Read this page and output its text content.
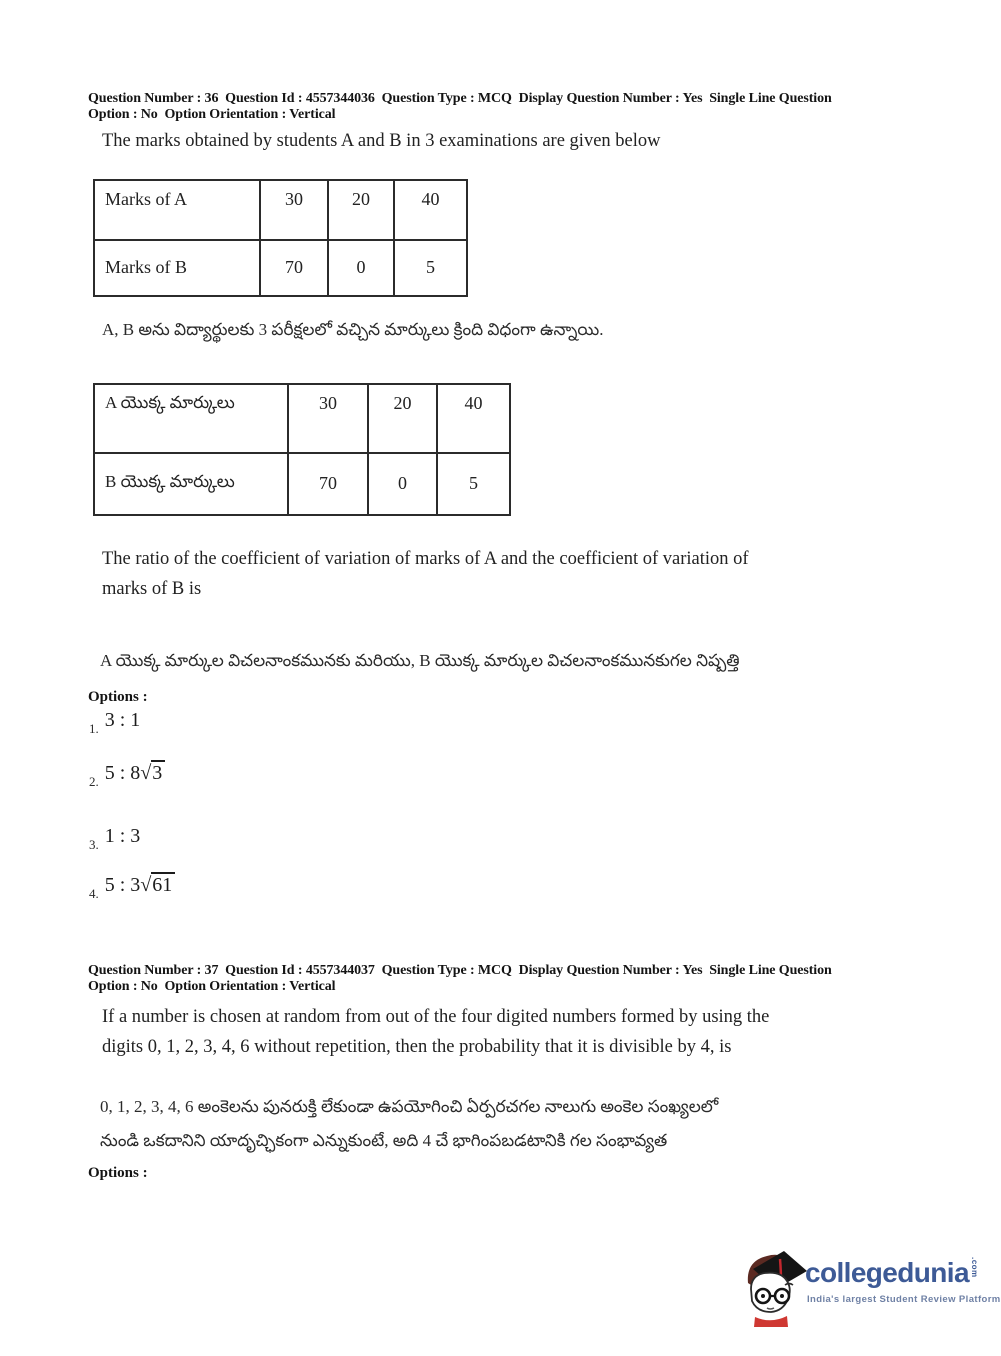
Question Number : 36  Question Id : 4557344036  Question Type : MCQ  Display Question Number : Yes  Single Line Question
Option : No  Option Orientation : Vertical
The marks obtained by students A and B in 3 examinations are given below
Marks of A	30	20	40
Marks of B	70	0	5
A, B అను విద్యార్థులకు 3 పరీక్షలలో వచ్చిన మార్కులు క్రింది విధంగా ఉన్నాయి.
A యొక్క మార్కులు	30	20	40
B యొక్క మార్కులు	70	0	5
The ratio of the coefficient of variation of marks of A and the coefficient of variation of
marks of B is
A యొక్క మార్కుల విచలనాంకమునకు మరియు, B యొక్క మార్కుల విచలనాంకమునకుగల నిష్పత్తి
Options :
$_{1.}$ 3 : 1
$_{2.}$ 5 : 8√3
$_{3.}$ 1 : 3
$_{4.}$ 5 : 3√61
Question Number : 37  Question Id : 4557344037  Question Type : MCQ  Display Question Number : Yes  Single Line Question
Option : No  Option Orientation : Vertical
If a number is chosen at random from out of the four digited numbers formed by using the
digits 0, 1, 2, 3, 4, 6 without repetition, then the probability that it is divisible by 4, is
0, 1, 2, 3, 4, 6 అంకెలను పునరుక్తి లేకుండా ఉపయోగించి ఏర్పరచగల నాలుగు అంకెల సంఖ్యలలో
నుండి ఒకదానిని యాదృచ్ఛికంగా ఎన్నుకుంటే, అది 4 చే భాగింపబడటానికి గల సంభావ్యత
Options :
collegedunia.com
India's largest Student Review Platform
